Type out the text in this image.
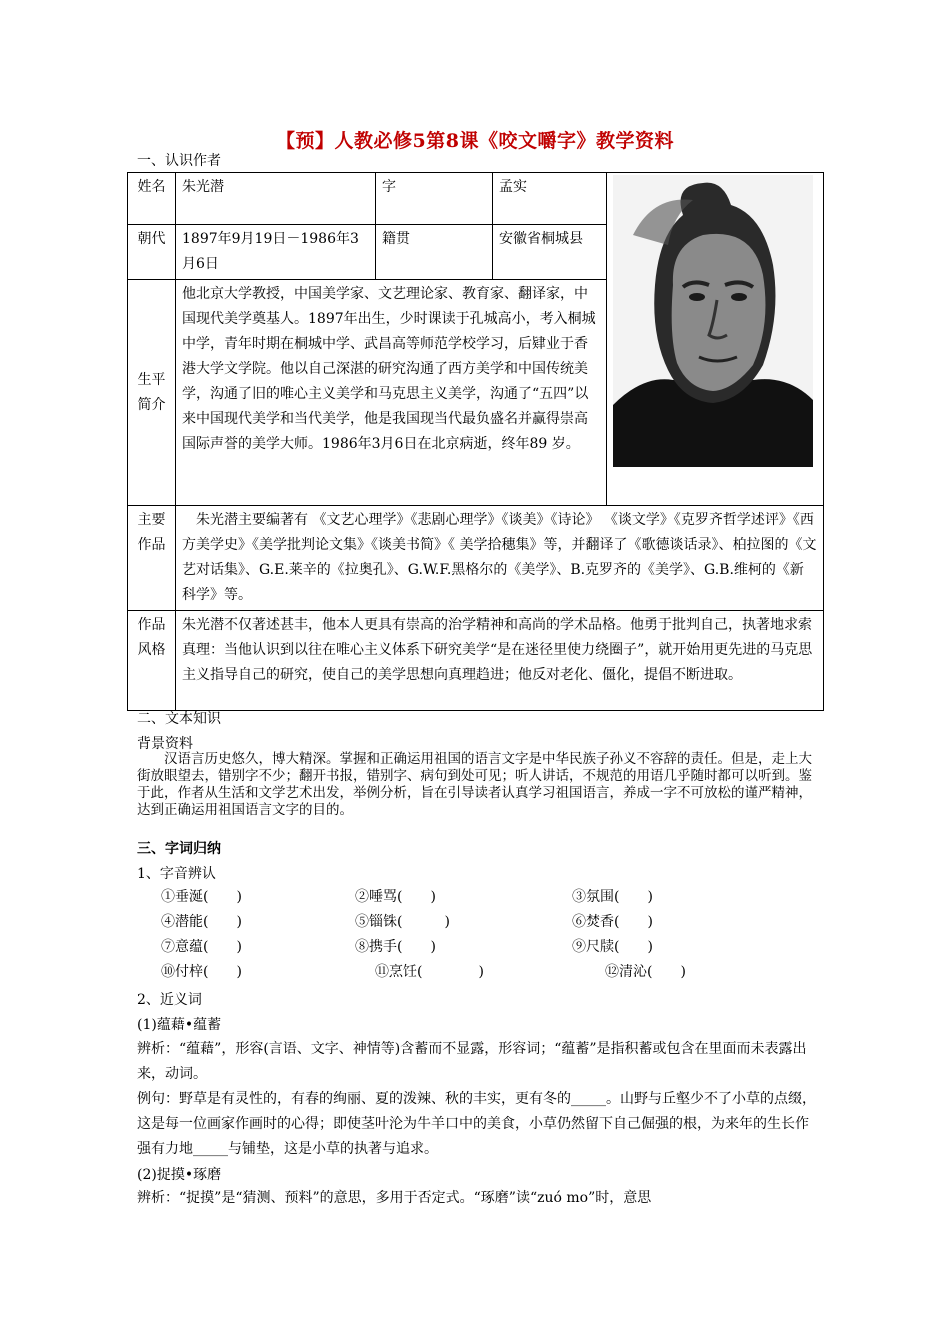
【预】人教必修5第8课《咬文嚼字》教学资料
一、认识作者
姓名	朱光潜	字	孟实	

朝代	1897年9月19日－1986年3月6日	籍贯	安徽省桐城县	
生平简介	他北京大学教授，中国美学家、文艺理论家、教育家、翻译家，中国现代美学奠基人。1897年出生，少时课读于孔城高小，考入桐城中学，青年时期在桐城中学、武昌高等师范学校学习，后肄业于香港大学文学院。他以自己深湛的研究沟通了西方美学和中国传统美学，沟通了旧的唯心主义美学和马克思主义美学，沟通了“五四”以来中国现代美学和当代美学，他是我国现当代最负盛名并赢得崇高国际声誉的美学大师。1986年3月6日在北京病逝，终年89 岁。			
主要作品	　朱光潜主要编著有 《文艺心理学》《悲剧心理学》《谈美》《诗论》 《谈文学》《克罗齐哲学述评》《西方美学史》《美学批判论文集》《谈美书简》《 美学拾穗集》等，并翻译了《歌德谈话录》、柏拉图的《文艺对话集》、G.E.莱辛的《拉奥孔》、G.W.F.黑格尔的《美学》、B.克罗齐的《美学》、G.B.维柯的《新科学》等。			
作品风格	朱光潜不仅著述甚丰，他本人更具有崇高的治学精神和高尚的学术品格。他勇于批判自己，执著地求索真理：当他认识到以往在唯心主义体系下研究美学“是在迷径里使力绕圈子”，就开始用更先进的马克思主义指导自己的研究，使自己的美学思想向真理趋进；他反对老化、僵化，提倡不断进取。			
二、文本知识
背景资料
汉语言历史悠久，博大精深。掌握和正确运用祖国的语言文字是中华民族子孙义不容辞的责任。但是，走上大街放眼望去，错别字不少；翻开书报，错别字、病句到处可见；听人讲话，不规范的用语几乎随时都可以听到。鉴于此，作者从生活和文学艺术出发，举例分析，旨在引导读者认真学习祖国语言，养成一字不可放松的谨严精神，达到正确运用祖国语言文字的目的。
三、字词归纳
1、字音辨认
①垂涎(　　)	②唾骂(　　)	③氛围(　　)
④潜能(　　)	⑤锱铢(　　　)	⑥焚香(　　)
⑦意蕴(　　)	⑧携手(　　)	⑨尺牍(　　)
⑩付梓(　　)	⑪烹饪(　　　　)	⑫清沁(　　)
2、近义词
(1)蕴藉•蕴蓄
辨析：“蕴藉”，形容(言语、文字、神情等)含蓄而不显露，形容词；“蕴蓄”是指积蓄或包含在里面而未表露出来，动词。
例句：野草是有灵性的，有春的绚丽、夏的泼辣、秋的丰实，更有冬的_____。山野与丘壑少不了小草的点缀，这是每一位画家作画时的心得；即使茎叶沦为牛羊口中的美食，小草仍然留下自己倔强的根，为来年的生长作强有力地_____与铺垫，这是小草的执著与追求。
(2)捉摸•琢磨
辨析：“捉摸”是“猜测、预料”的意思，多用于否定式。“琢磨”读“zuó mo”时，意思
